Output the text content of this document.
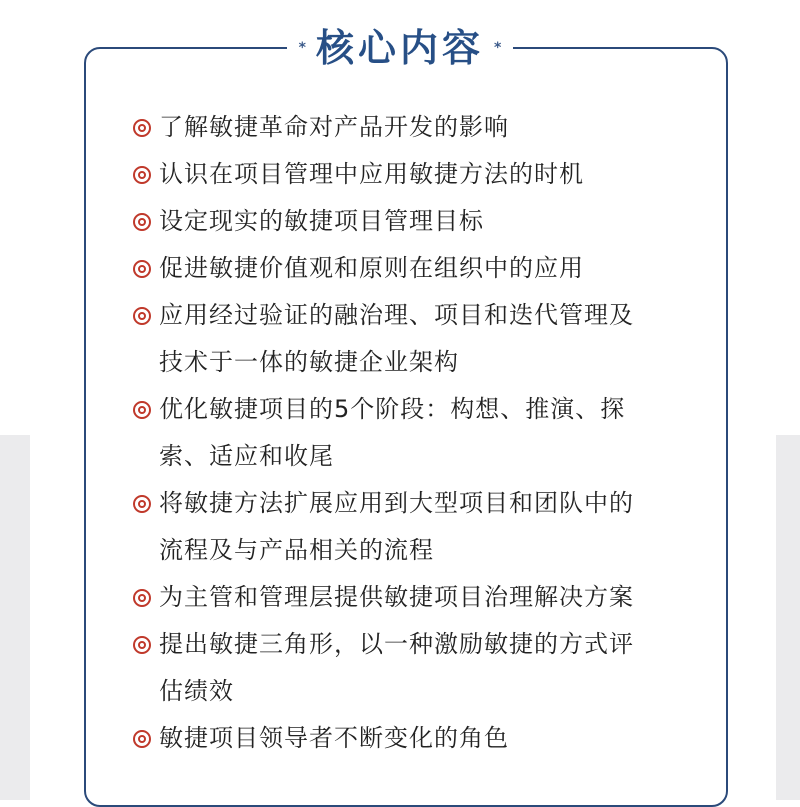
* 核心内容 *
了解敏捷革命对产品开发的影响
认识在项目管理中应用敏捷方法的时机
设定现实的敏捷项目管理目标
促进敏捷价值观和原则在组织中的应用
应用经过验证的融治理、项目和迭代管理及
技术于一体的敏捷企业架构
优化敏捷项目的5个阶段：构想、推演、探
索、适应和收尾
将敏捷方法扩展应用到大型项目和团队中的
流程及与产品相关的流程
为主管和管理层提供敏捷项目治理解决方案
提出敏捷三角形，以一种激励敏捷的方式评
估绩效
敏捷项目领导者不断变化的角色
